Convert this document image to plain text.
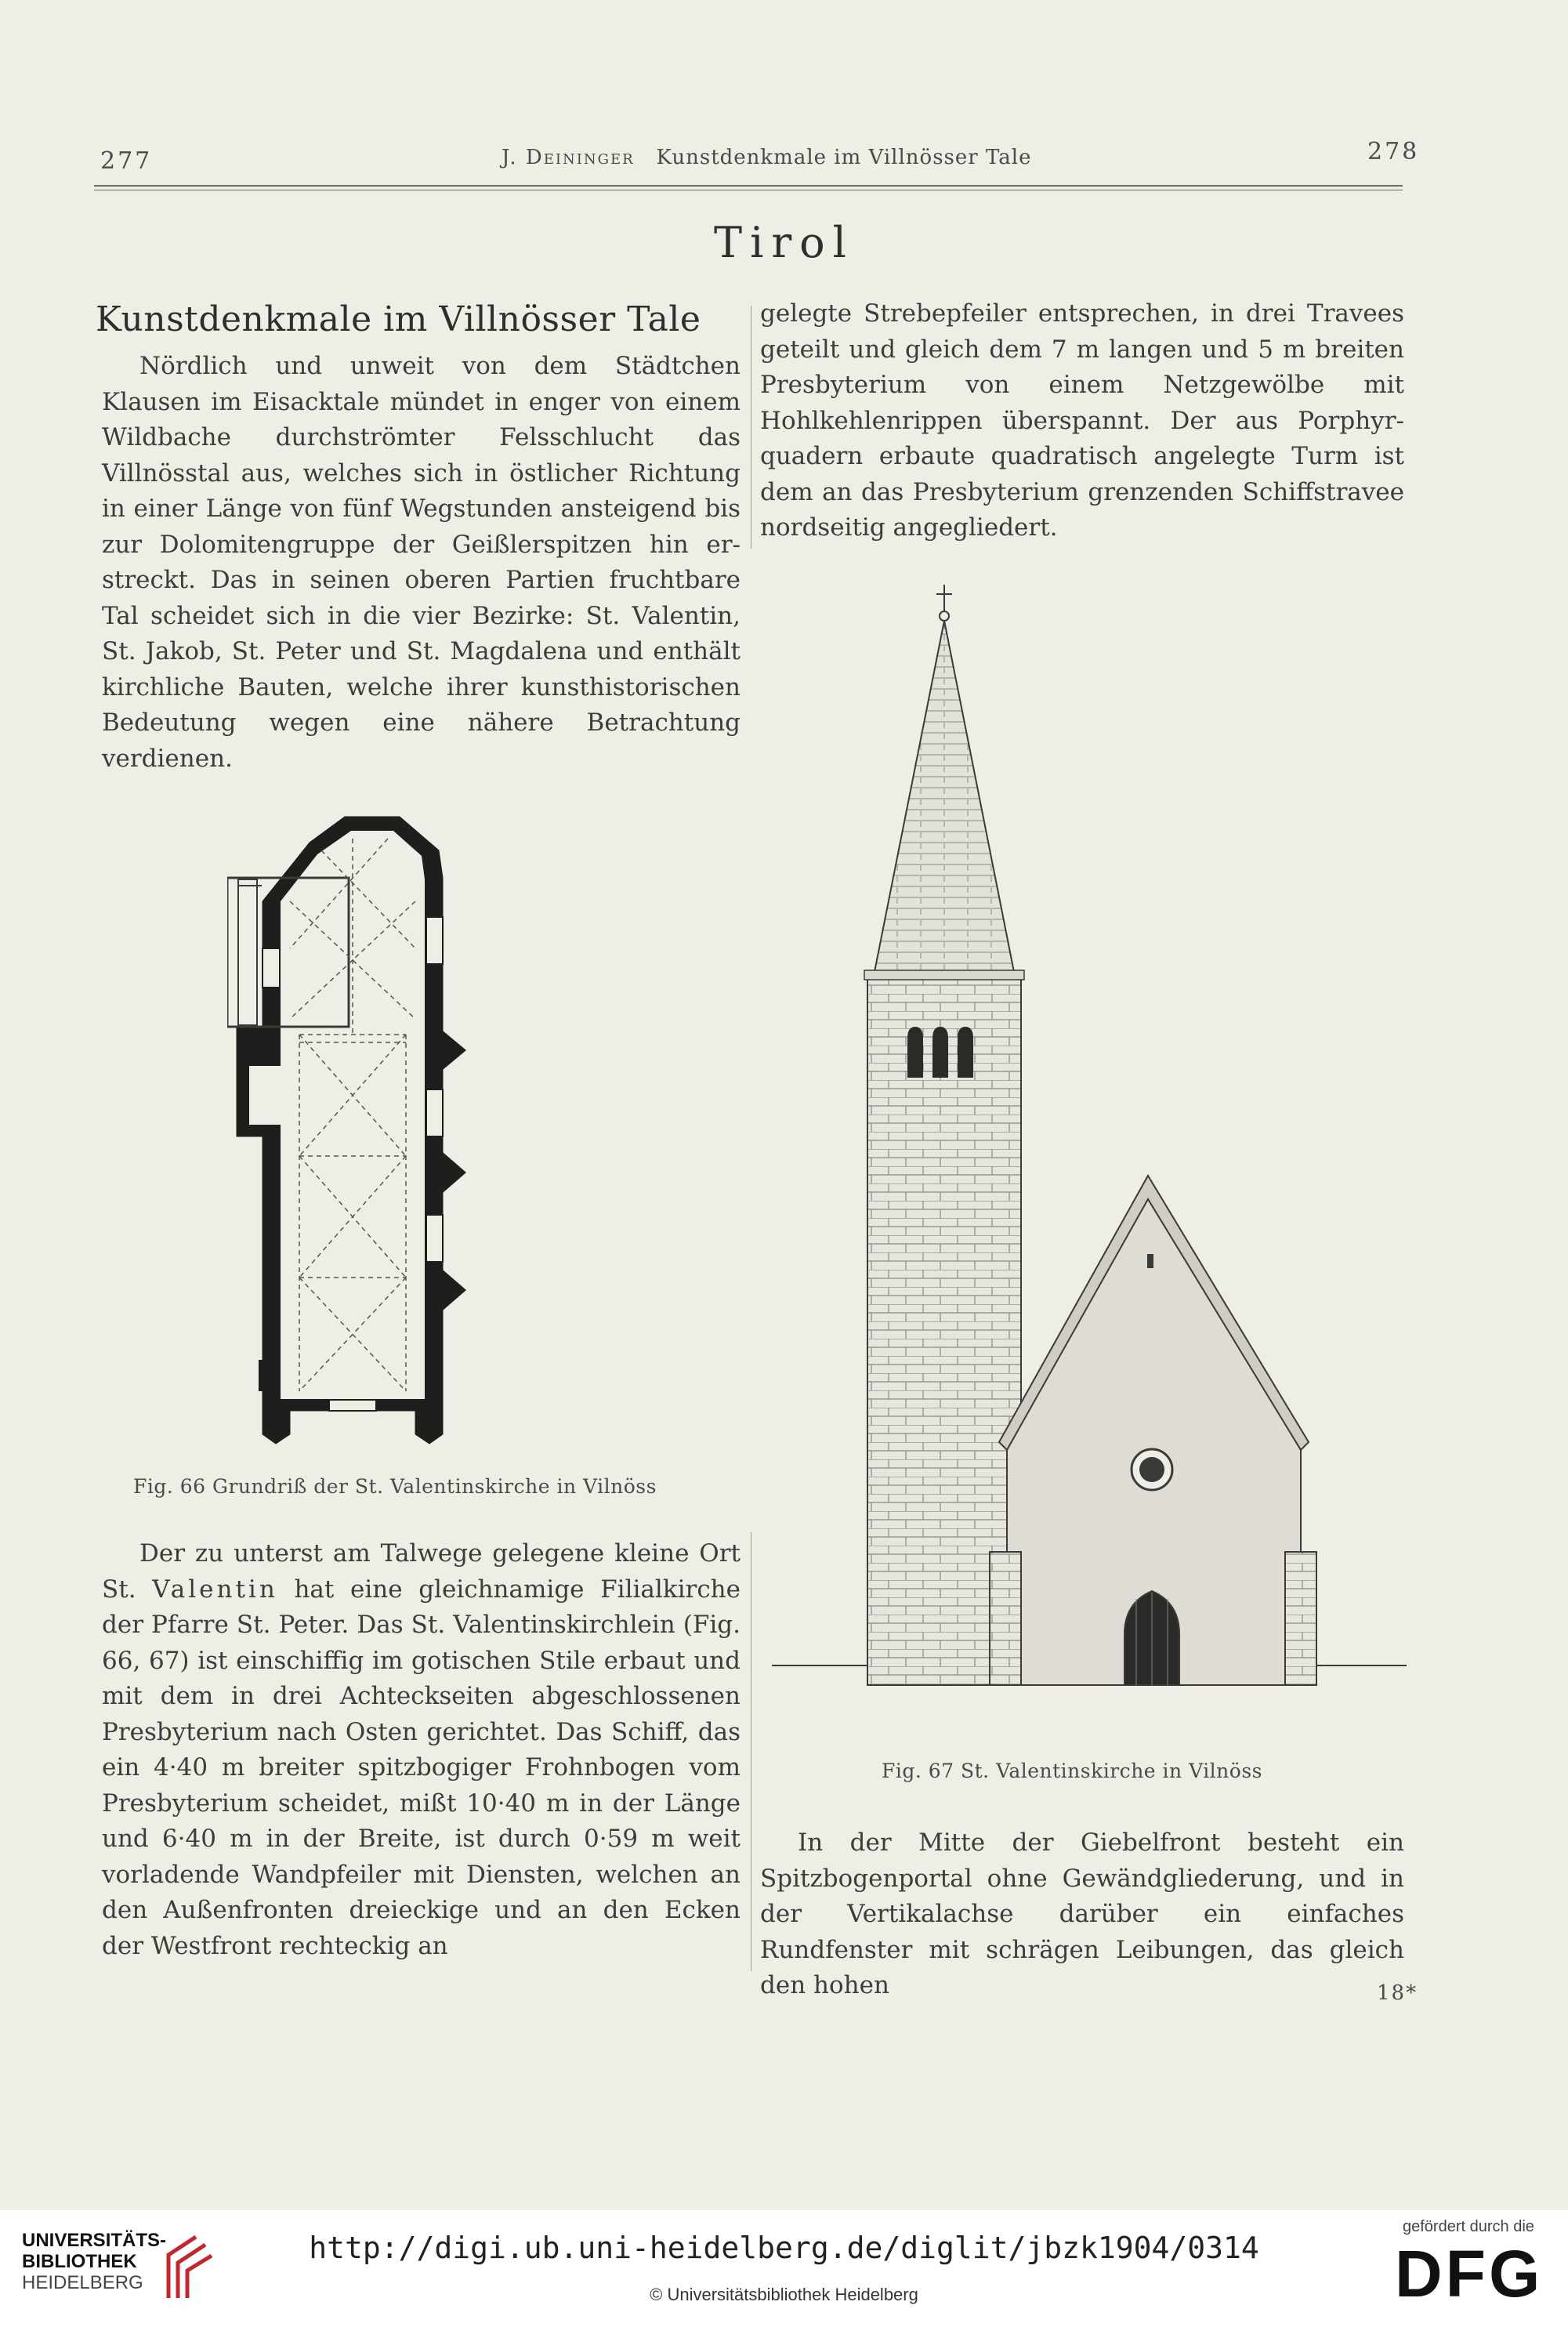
277	J. Deininger Kunstdenkmale im Villnösser Tale	278
Tirol
Kunstdenkmale im Villnösser Tale

Nördlich und unweit von dem Städtchen Klausen im Eisacktale mündet in enger von einem Wildbache durchströmter Felsschlucht das Villnösstal aus, welches sich in östlicher Richtung in einer Länge von fünf Wegstunden ansteigend bis zur Dolomitengruppe der Geißlerspitzen hin erstreckt. Das in seinen oberen Partien fruchtbare Tal scheidet sich in die vier Bezirke: St. Valentin, St. Jakob, St. Peter und St. Magdalena und enthält kirchliche Bauten, welche ihrer kunsthistorischen Bedeutung wegen eine nähere Betrachtung verdienen.

gelegte Strebepfeiler entsprechen, in drei Travees geteilt und gleich dem 7 m langen und 5 m breiten Presbyterium von einem Netzgewölbe mit Hohlkehlenrippen überspannt. Der aus Porphyrquadern erbaute quadratisch angelegte Turm ist dem an das Presbyterium grenzenden Schiffstravee nordseitig angegliedert.

Fig. 66 Grundriß der St. Valentinskirche in Vilnöss
Fig. 67 St. Valentinskirche in Vilnöss

Der zu unterst am Talwege gelegene kleine Ort St. Valentin hat eine gleichnamige Filialkirche der Pfarre St. Peter. Das St. Valentinskirchlein (Fig. 66, 67) ist einschiffig im gotischen Stile erbaut und mit dem in drei Achteckseiten abgeschlossenen Presbyterium nach Osten gerichtet. Das Schiff, das ein 4·40 m breiter spitzbogiger Frohnbogen vom Presbyterium scheidet, mißt 10·40 m in der Länge und 6·40 m in der Breite, ist durch 0·59 m weit vorladende Wandpfeiler mit Diensten, welchen an den Außenfronten dreieckige und an den Ecken der Westfront rechteckig an

In der Mitte der Giebelfront besteht ein Spitzbogenportal ohne Gewändgliederung, und in der Vertikalachse darüber ein einfaches Rundfenster mit schrägen Leibungen, das gleich den hohen	18*
UNIVERSITÄTS-
BIBLIOTHEK
HEIDELBERG
http://digi.ub.uni-heidelberg.de/diglit/jbzk1904/0314
© Universitätsbibliothek Heidelberg
gefördert durch die
DFG
